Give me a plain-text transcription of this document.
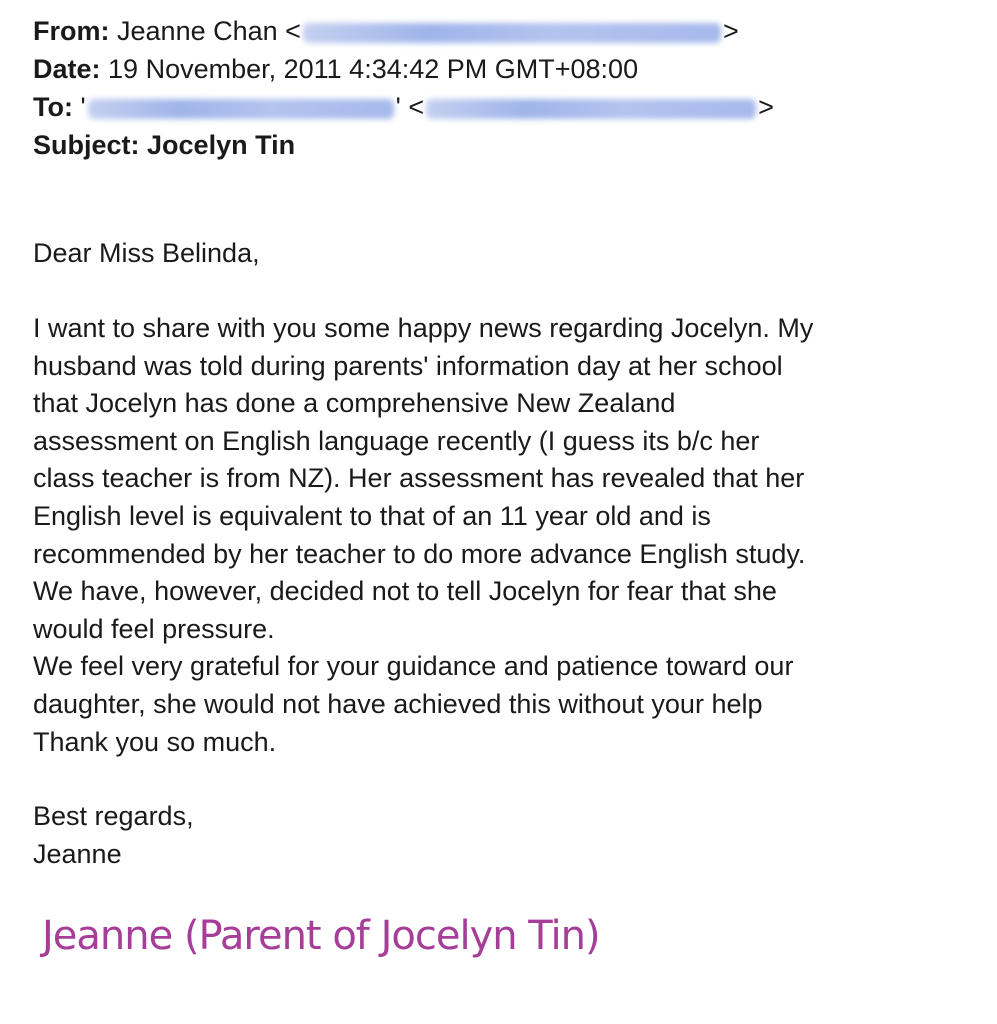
From: Jeanne Chan <	>
Date: 19 November, 2011 4:34:42 PM GMT+08:00
To: '	' <	>
Subject: Jocelyn Tin

Dear Miss Belinda,

I want to share with you some happy news regarding Jocelyn. My

husband was told during parents' information day at her school

that Jocelyn has done a comprehensive New Zealand

assessment on English language recently (I guess its b/c her

class teacher is from NZ). Her assessment has revealed that her

English level is equivalent to that of an 11 year old and is

recommended by her teacher to do more advance English study.

We have, however, decided not to tell Jocelyn for fear that she

would feel pressure.

We feel very grateful for your guidance and patience toward our

daughter, she would not have achieved this without your help

Thank you so much.

Best regards,

Jeanne

Jeanne (Parent of Jocelyn Tin)
